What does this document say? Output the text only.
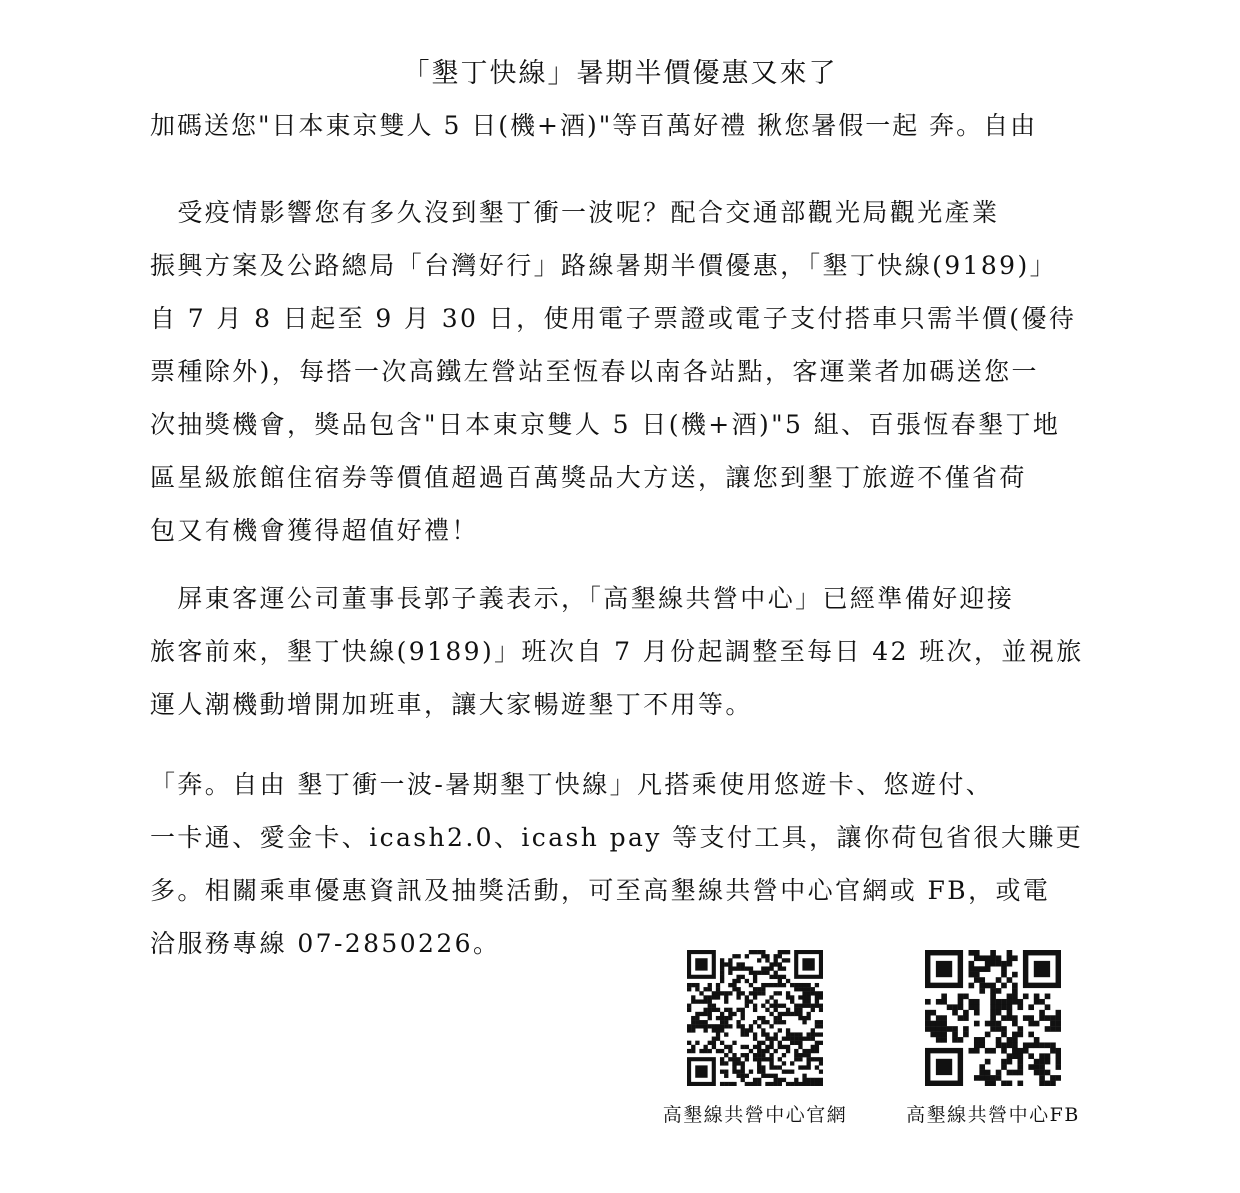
「墾丁快線」暑期半價優惠又來了
加碼送您"日本東京雙人 5 日(機+酒)"等百萬好禮 揪您暑假一起 奔。自由
　受疫情影響您有多久沒到墾丁衝一波呢？配合交通部觀光局觀光產業
振興方案及公路總局「台灣好行」路線暑期半價優惠，「墾丁快線(9189)」
自 7 月 8 日起至 9 月 30 日，使用電子票證或電子支付搭車只需半價(優待
票種除外)，每搭一次高鐵左營站至恆春以南各站點，客運業者加碼送您一
次抽獎機會，獎品包含"日本東京雙人 5 日(機+酒)"5 組、百張恆春墾丁地
區星級旅館住宿券等價值超過百萬獎品大方送，讓您到墾丁旅遊不僅省荷
包又有機會獲得超值好禮！
　屏東客運公司董事長郭子義表示，「高墾線共營中心」已經準備好迎接
旅客前來，墾丁快線(9189)」班次自 7 月份起調整至每日 42 班次，並視旅
運人潮機動增開加班車，讓大家暢遊墾丁不用等。
「奔。自由 墾丁衝一波-暑期墾丁快線」凡搭乘使用悠遊卡、悠遊付、
一卡通、愛金卡、icash2.0、icash pay 等支付工具，讓你荷包省很大賺更
多。相關乘車優惠資訊及抽獎活動，可至高墾線共營中心官網或 FB，或電
洽服務專線 07-2850226。
高墾線共營中心官網	高墾線共營中心FB
